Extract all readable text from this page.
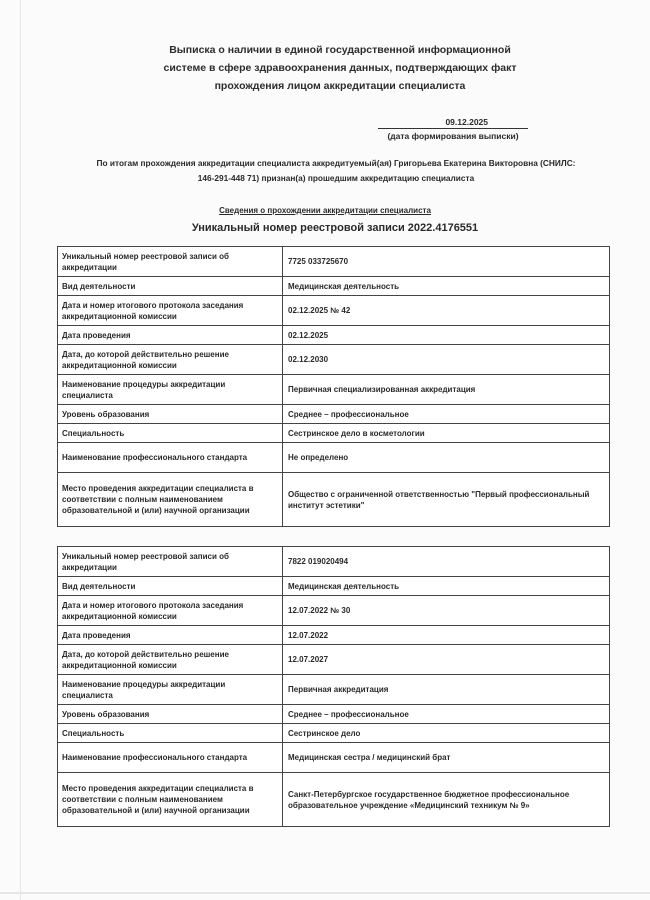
Выписка о наличии в единой государственной информационной
системе в сфере здравоохранения данных, подтверждающих факт
прохождения лицом аккредитации специалиста
09.12.2025
(дата формирования выписки)
По итогам прохождения аккредитации специалиста аккредитуемый(ая) Григорьева Екатерина Викторовна (СНИЛС:
146-291-448 71) признан(а) прошедшим аккредитацию специалиста
Сведения о прохождении аккредитации специалиста
Уникальный номер реестровой записи 2022.4176551
Уникальный номер реестровой записи об аккредитации	7725 033725670
Вид деятельности	Медицинская деятельность
Дата и номер итогового протокола заседания аккредитационной комиссии	02.12.2025 № 42
Дата проведения	02.12.2025
Дата, до которой действительно решение аккредитационной комиссии	02.12.2030
Наименование процедуры аккредитации специалиста	Первичная специализированная аккредитация
Уровень образования	Среднее – профессиональное
Специальность	Сестринское дело в косметологии
Наименование профессионального стандарта	Не определено
Место проведения аккредитации специалиста в соответствии с полным наименованием образовательной и (или) научной организации	Общество с ограниченной ответственностью "Первый профессиональный институт эстетики"
Уникальный номер реестровой записи об аккредитации	7822 019020494
Вид деятельности	Медицинская деятельность
Дата и номер итогового протокола заседания аккредитационной комиссии	12.07.2022 № 30
Дата проведения	12.07.2022
Дата, до которой действительно решение аккредитационной комиссии	12.07.2027
Наименование процедуры аккредитации специалиста	Первичная аккредитация
Уровень образования	Среднее – профессиональное
Специальность	Сестринское дело
Наименование профессионального стандарта	Медицинская сестра / медицинский брат
Место проведения аккредитации специалиста в соответствии с полным наименованием образовательной и (или) научной организации	Санкт-Петербургское государственное бюджетное профессиональное образовательное учреждение «Медицинский техникум № 9»
